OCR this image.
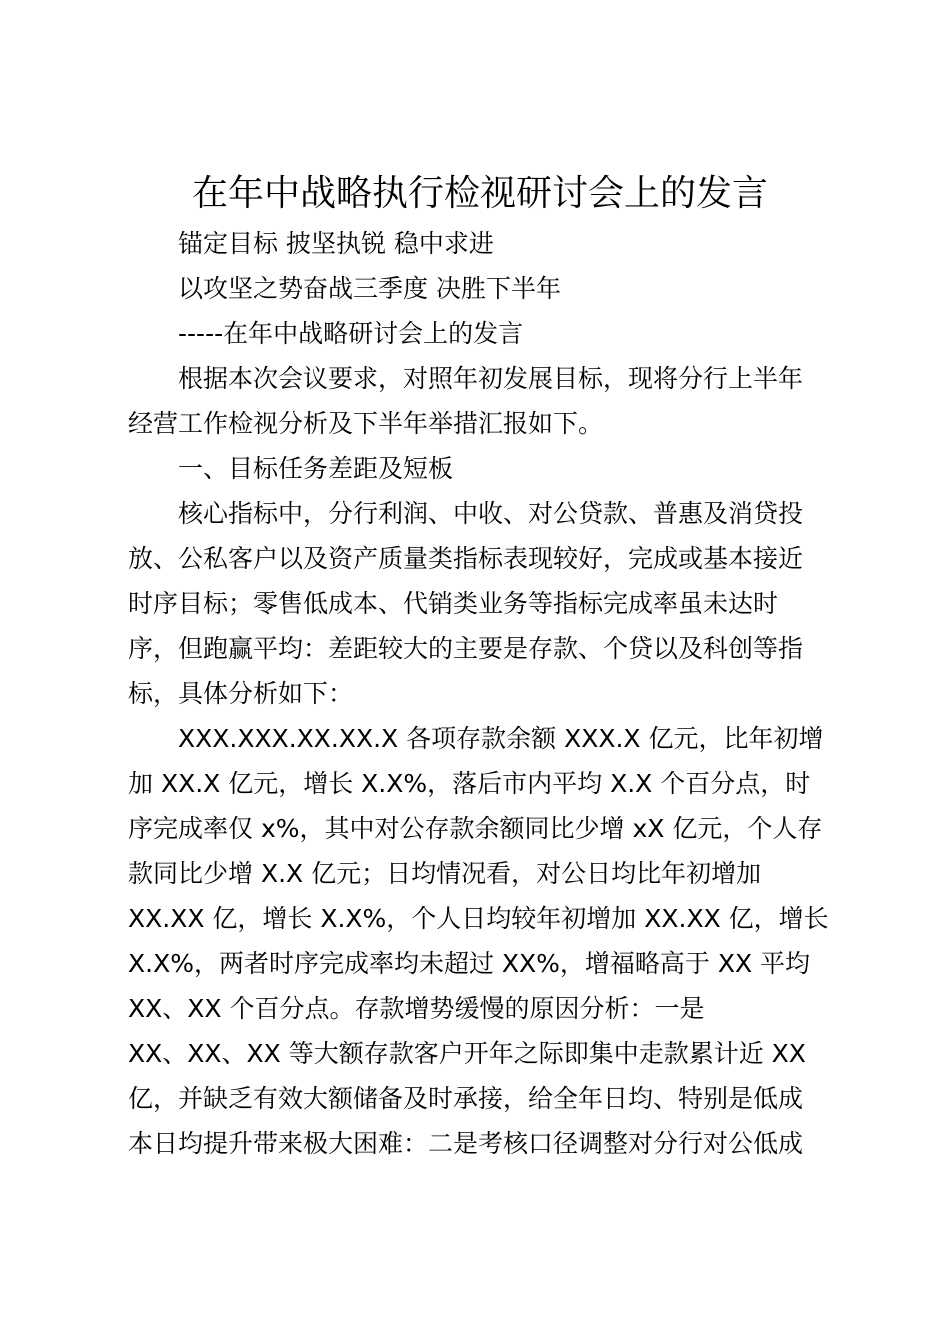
在年中战略执行检视研讨会上的发言
锚定目标 披坚执锐 稳中求进
以攻坚之势奋战三季度 决胜下半年
-----在年中战略研讨会上的发言
根据本次会议要求，对照年初发展目标，现将分行上半年
经营工作检视分析及下半年举措汇报如下。
一、目标任务差距及短板
核心指标中，分行利润、中收、对公贷款、普惠及消贷投
放、公私客户以及资产质量类指标表现较好，完成或基本接近
时序目标；零售低成本、代销类业务等指标完成率虽未达时
序，但跑赢平均：差距较大的主要是存款、个贷以及科创等指
标，具体分析如下：
XXX.XXX.XX.XX.X 各项存款余额 XXX.X 亿元，比年初增
加 XX.X 亿元，增长 X.X%，落后市内平均 X.X 个百分点，时
序完成率仅 x%，其中对公存款余额同比少增 xX 亿元，个人存
款同比少增 X.X 亿元；日均情况看，对公日均比年初增加
XX.XX 亿，增长 X.X%，个人日均较年初增加 XX.XX 亿，增长
X.X%，两者时序完成率均未超过 XX%，增福略高于 XX 平均
XX、XX 个百分点。存款增势缓慢的原因分析：一是
XX、XX、XX 等大额存款客户开年之际即集中走款累计近 XX
亿，并缺乏有效大额储备及时承接，给全年日均、特别是低成
本日均提升带来极大困难：二是考核口径调整对分行对公低成
